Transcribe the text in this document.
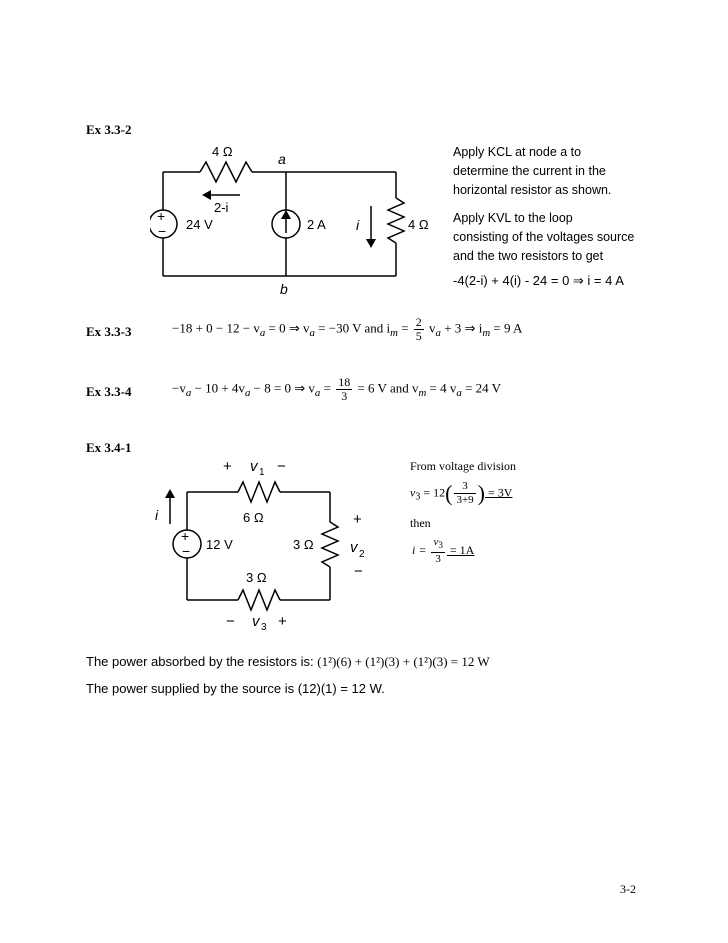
Ex 3.3-2
+
− 24 V
4 Ω	a
2-i
2 A i	4 Ω
b
Apply KCL at node a to
determine the current in the
horizontal resistor as shown.
Apply KVL to the loop
consisting of the voltages source
and the two resistors to get
-4(2-i) + 4(i) - 24 = 0 ⇒ i = 4 A
Ex 3.3-3	$-18 + 0 - 12 - v_a = 0$ ⇒ $v_a = -30$ V and $i_m = \frac{2}{5} v_a + 3$ ⇒ $i_m = 9$ A
Ex 3.3-4	$-v_a - 10 + 4v_a - 8 = 0$ ⇒ $v_a = \frac{18}{3} = 6$ V and $v_m = 4$ $v_a = 24$ V
Ex 3.4-1
+ v 1 −
6 Ω
i
+
− 12 V	3 Ω
+
v 2
−
3 Ω
− v 3 +
From voltage division
$v_3 = 12( \frac{3}{3+9}$ ) = 3V
then
$i = \frac{v_3}{3} = 1A$
The power absorbed by the resistors is: (1²)(6) + (1²)(3) + (1²)(3) = 12 W
The power supplied by the source is (12)(1) = 12 W.
3-2
